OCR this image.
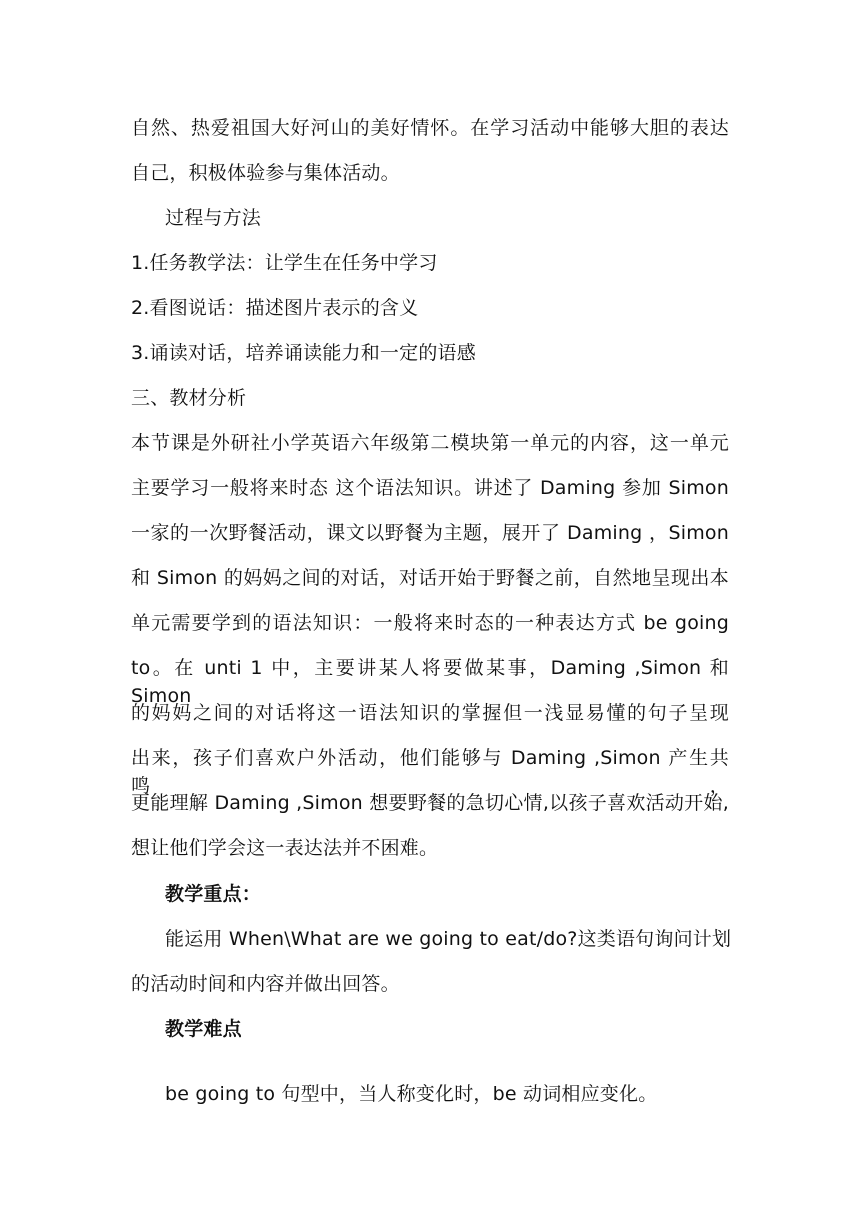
自然、热爱祖国大好河山的美好情怀。在学习活动中能够大胆的表达
自己，积极体验参与集体活动。
过程与方法
1.任务教学法：让学生在任务中学习
2.看图说话：描述图片表示的含义
3.诵读对话，培养诵读能力和一定的语感
三、教材分析
本节课是外研社小学英语六年级第二模块第一单元的内容，这一单元
主要学习一般将来时态 这个语法知识。讲述了 Daming 参加 Simon
一家的一次野餐活动，课文以野餐为主题，展开了 Daming ，Simon
和 Simon 的妈妈之间的对话，对话开始于野餐之前，自然地呈现出本
单元需要学到的语法知识：一般将来时态的一种表达方式 be going
to。在 unti 1 中，主要讲某人将要做某事，Daming ,Simon 和 Simon
的妈妈之间的对话将这一语法知识的掌握但一浅显易懂的句子呈现
出来，孩子们喜欢户外活动，他们能够与 Daming ,Simon 产生共鸣，
更能理解 Daming ,Simon 想要野餐的急切心情,以孩子喜欢活动开始,
想让他们学会这一表达法并不困难。
教学重点：
能运用 When\What are we going to eat/do?这类语句询问计划
的活动时间和内容并做出回答。
教学难点
be going to 句型中，当人称变化时，be 动词相应变化。
